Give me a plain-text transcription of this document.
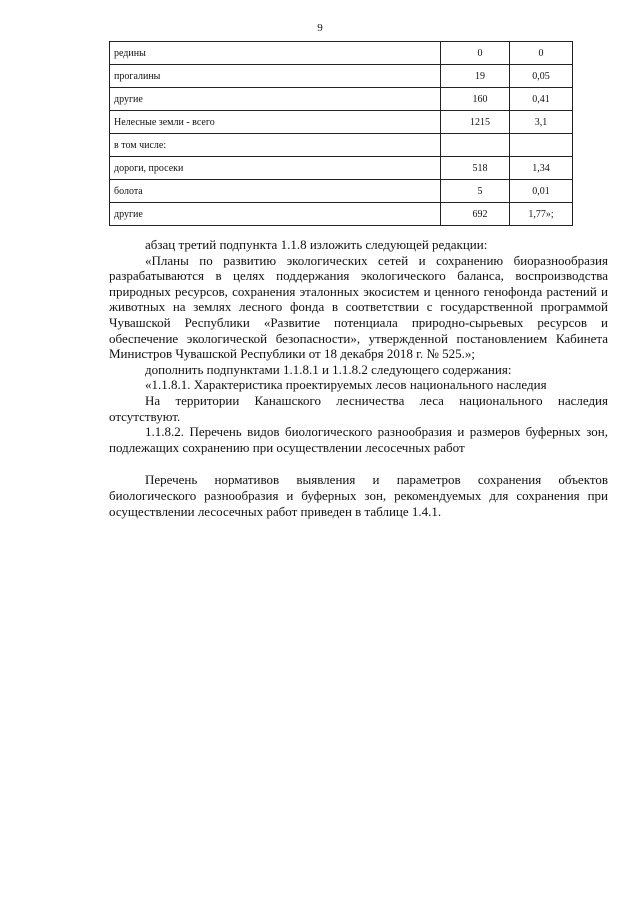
9
редины	0	0
прогалины	19	0,05
другие	160	0,41
Нелесные земли - всего	1215	3,1
в том числе:		
дороги, просеки	518	1,34
болота	5	0,01
другие	692	1,77»;

абзац третий подпункта 1.1.8 изложить следующей редакции:

«Планы по развитию экологических сетей и сохранению биоразнообразия разрабатываются в целях поддержания экологического баланса, воспроизводства природных ресурсов, сохранения эталонных экосистем и ценного генофонда растений и животных на землях лесного фонда в соответствии с государственной программой Чувашской Республики «Развитие потенциала природно-сырьевых ресурсов и обеспечение экологической безопасности», утвержденной постановлением Кабинета Министров Чувашской Республики от 18 декабря 2018 г. № 525.»;

дополнить подпунктами 1.1.8.1 и 1.1.8.2 следующего содержания:

«1.1.8.1. Характеристика проектируемых лесов национального наследия

На территории Канашского лесничества леса национального наследия отсутствуют.

1.1.8.2. Перечень видов биологического разнообразия и размеров буферных зон, подлежащих сохранению при осуществлении лесосечных работ

Перечень нормативов выявления и параметров сохранения объектов биологического разнообразия и буферных зон, рекомендуемых для сохранения при осуществлении лесосечных работ приведен в таблице 1.4.1.
